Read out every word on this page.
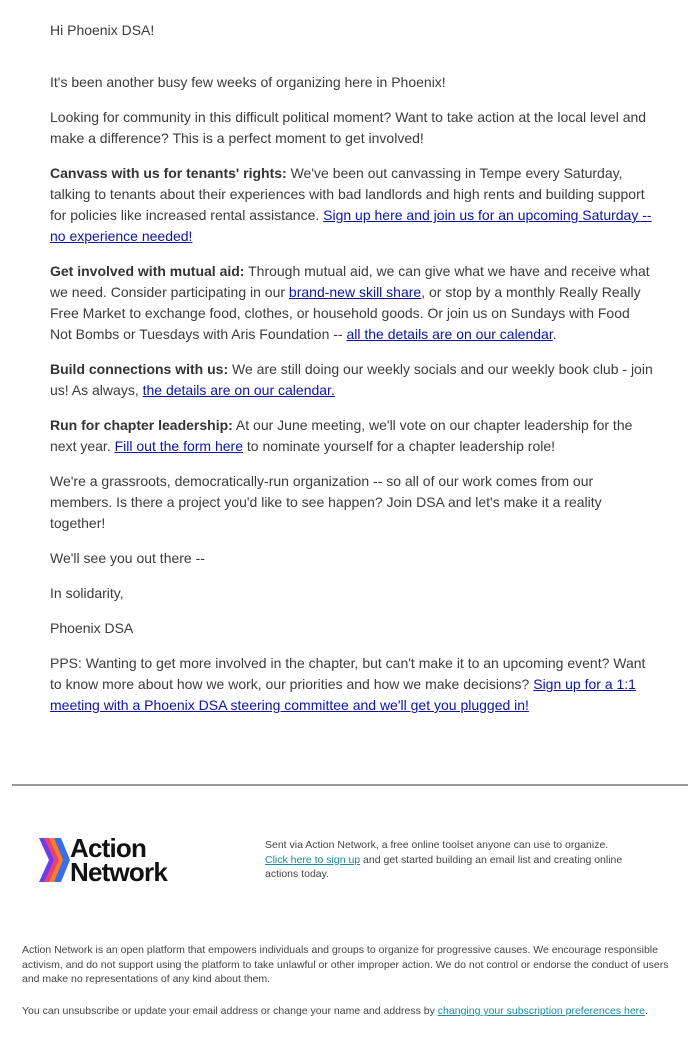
Hi Phoenix DSA!

It's been another busy few weeks of organizing here in Phoenix!

Looking for community in this difficult political moment? Want to take action at the local level and make a difference? This is a perfect moment to get involved!

Canvass with us for tenants' rights: We've been out canvassing in Tempe every Saturday, talking to tenants about their experiences with bad landlords and high rents and building support for policies like increased rental assistance. Sign up here and join us for an upcoming Saturday -- no experience needed!

Get involved with mutual aid: Through mutual aid, we can give what we have and receive what we need. Consider participating in our brand-new skill share, or stop by a monthly Really Really Free Market to exchange food, clothes, or household goods. Or join us on Sundays with Food Not Bombs or Tuesdays with Aris Foundation -- all the details are on our calendar.

Build connections with us: We are still doing our weekly socials and our weekly book club - join us! As always, the details are on our calendar.

Run for chapter leadership: At our June meeting, we'll vote on our chapter leadership for the next year. Fill out the form here to nominate yourself for a chapter leadership role!

We're a grassroots, democratically-run organization -- so all of our work comes from our members. Is there a project you'd like to see happen? Join DSA and let's make it a reality together!

We'll see you out there --

In solidarity,

Phoenix DSA

PPS: Wanting to get more involved in the chapter, but can't make it to an upcoming event? Want to know more about how we work, our priorities and how we make decisions? Sign up for a 1:1 meeting with a Phoenix DSA steering committee and we'll get you plugged in!

Action
Network
Sent via Action Network, a free online toolset anyone can use to organize.
Click here to sign up and get started building an email list and creating online actions today.
Action Network is an open platform that empowers individuals and groups to organize for progressive causes. We encourage responsible activism, and do not support using the platform to take unlawful or other improper action. We do not control or endorse the conduct of users and make no representations of any kind about them.
You can unsubscribe or update your email address or change your name and address by changing your subscription preferences here.
